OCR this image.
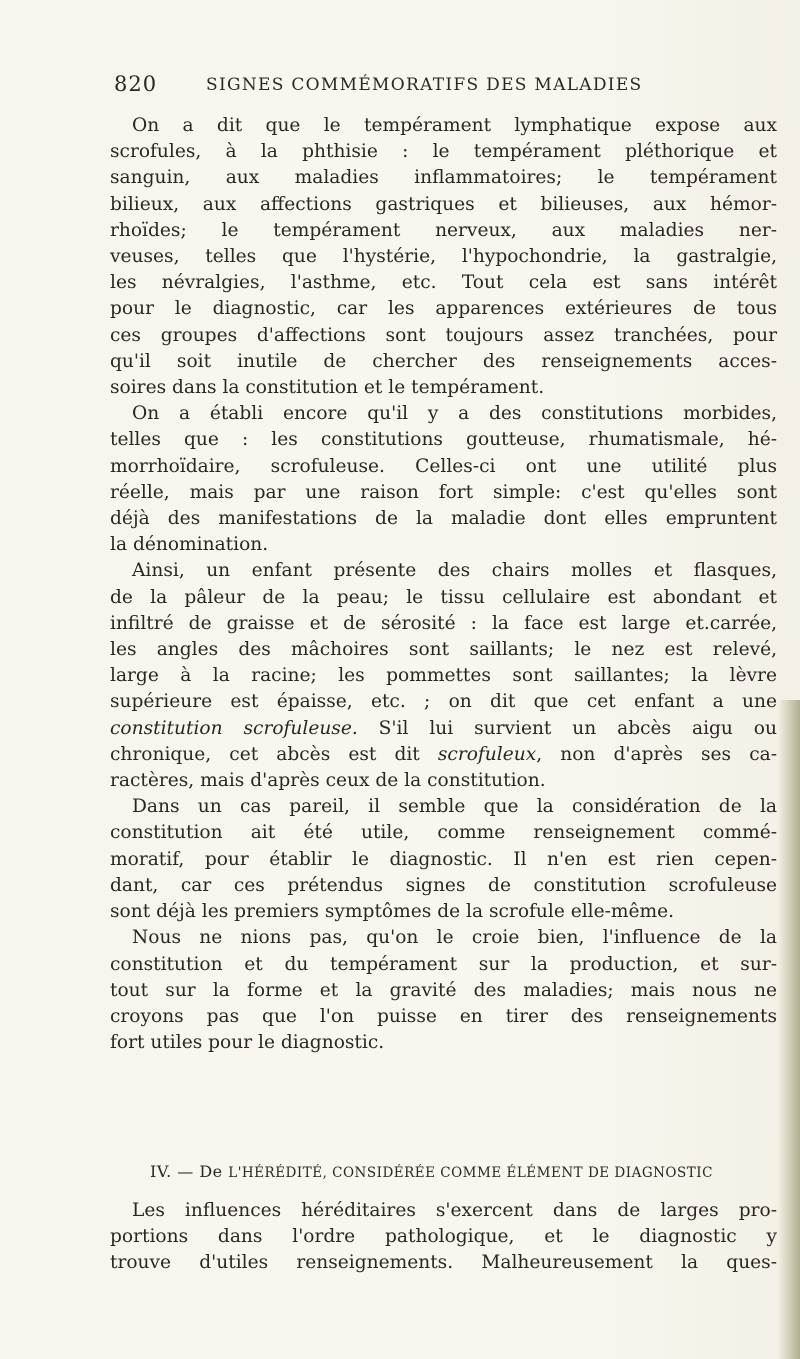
820	SIGNES COMMÉMORATIFS DES MALADIES

On a dit que le tempérament lymphatique expose aux
scrofules, à la phthisie : le tempérament pléthorique et
sanguin, aux maladies inflammatoires; le tempérament
bilieux, aux affections gastriques et bilieuses, aux hémor-
rhoïdes; le tempérament nerveux, aux maladies ner-
veuses, telles que l'hystérie, l'hypochondrie, la gastralgie,
les névralgies, l'asthme, etc. Tout cela est sans intérêt
pour le diagnostic, car les apparences extérieures de tous
ces groupes d'affections sont toujours assez tranchées, pour
qu'il soit inutile de chercher des renseignements acces-
soires dans la constitution et le tempérament.

On a établi encore qu'il y a des constitutions morbides,
telles que : les constitutions goutteuse, rhumatismale, hé-
morrhoïdaire, scrofuleuse. Celles-ci ont une utilité plus
réelle, mais par une raison fort simple: c'est qu'elles sont
déjà des manifestations de la maladie dont elles empruntent
la dénomination.

Ainsi, un enfant présente des chairs molles et flasques,
de la pâleur de la peau; le tissu cellulaire est abondant et
infiltré de graisse et de sérosité : la face est large et.carrée,
les angles des mâchoires sont saillants; le nez est relevé,
large à la racine; les pommettes sont saillantes; la lèvre
supérieure est épaisse, etc. ; on dit que cet enfant a une
constitution scrofuleuse. S'il lui survient un abcès aigu ou
chronique, cet abcès est dit scrofuleux, non d'après ses ca-
ractères, mais d'après ceux de la constitution.

Dans un cas pareil, il semble que la considération de la
constitution ait été utile, comme renseignement commé-
moratif, pour établir le diagnostic. Il n'en est rien cepen-
dant, car ces prétendus signes de constitution scrofuleuse
sont déjà les premiers symptômes de la scrofule elle-même.

Nous ne nions pas, qu'on le croie bien, l'influence de la
constitution et du tempérament sur la production, et sur-
tout sur la forme et la gravité des maladies; mais nous ne
croyons pas que l'on puisse en tirer des renseignements
fort utiles pour le diagnostic.

IV. — De L'HÉRÉDITÉ, CONSIDÉRÉE COMME ÉLÉMENT DE DIAGNOSTIC

Les influences héréditaires s'exercent dans de larges pro-
portions dans l'ordre pathologique, et le diagnostic y
trouve d'utiles renseignements. Malheureusement la ques-
